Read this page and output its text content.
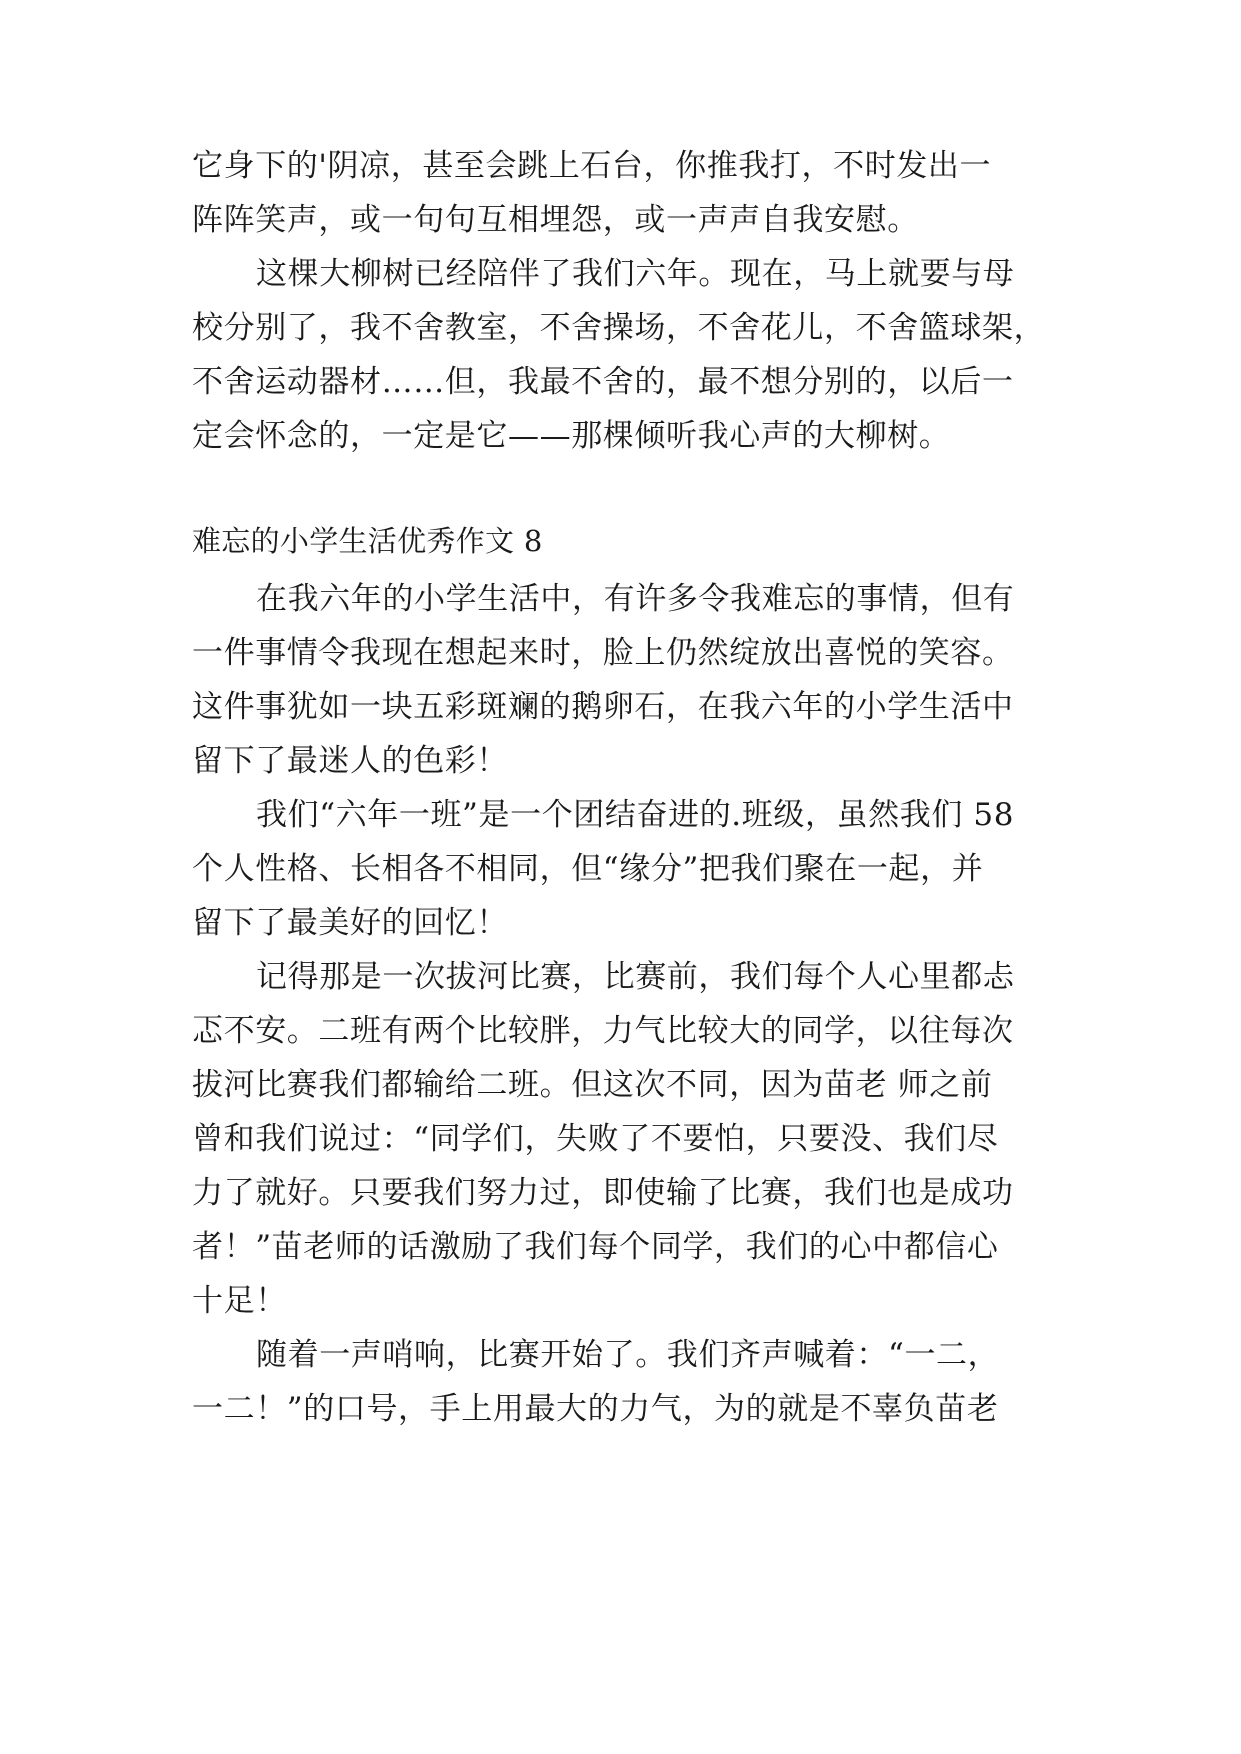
它身下的'阴凉，甚至会跳上石台，你推我打，不时发出一
阵阵笑声，或一句句互相埋怨，或一声声自我安慰。
这棵大柳树已经陪伴了我们六年。现在，马上就要与母
校分别了，我不舍教室，不舍操场，不舍花儿，不舍篮球架，
不舍运动器材……但，我最不舍的，最不想分别的，以后一
定会怀念的，一定是它——那棵倾听我心声的大柳树。
难忘的小学生活优秀作文 8
在我六年的小学生活中，有许多令我难忘的事情，但有
一件事情令我现在想起来时，脸上仍然绽放出喜悦的笑容。
这件事犹如一块五彩斑斓的鹅卵石，在我六年的小学生活中
留下了最迷人的色彩！
我们“六年一班”是一个团结奋进的.班级，虽然我们 58
个人性格、长相各不相同，但“缘分”把我们聚在一起，并
留下了最美好的回忆！
记得那是一次拔河比赛，比赛前，我们每个人心里都忐
忑不安。二班有两个比较胖，力气比较大的同学，以往每次
拔河比赛我们都输给二班。但这次不同，因为苗老 师之前
曾和我们说过：“同学们，失败了不要怕，只要没、我们尽
力了就好。只要我们努力过，即使输了比赛，我们也是成功
者！”苗老师的话激励了我们每个同学，我们的心中都信心
十足！
随着一声哨响，比赛开始了。我们齐声喊着：“一二，
一二！”的口号，手上用最大的力气，为的就是不辜负苗老
